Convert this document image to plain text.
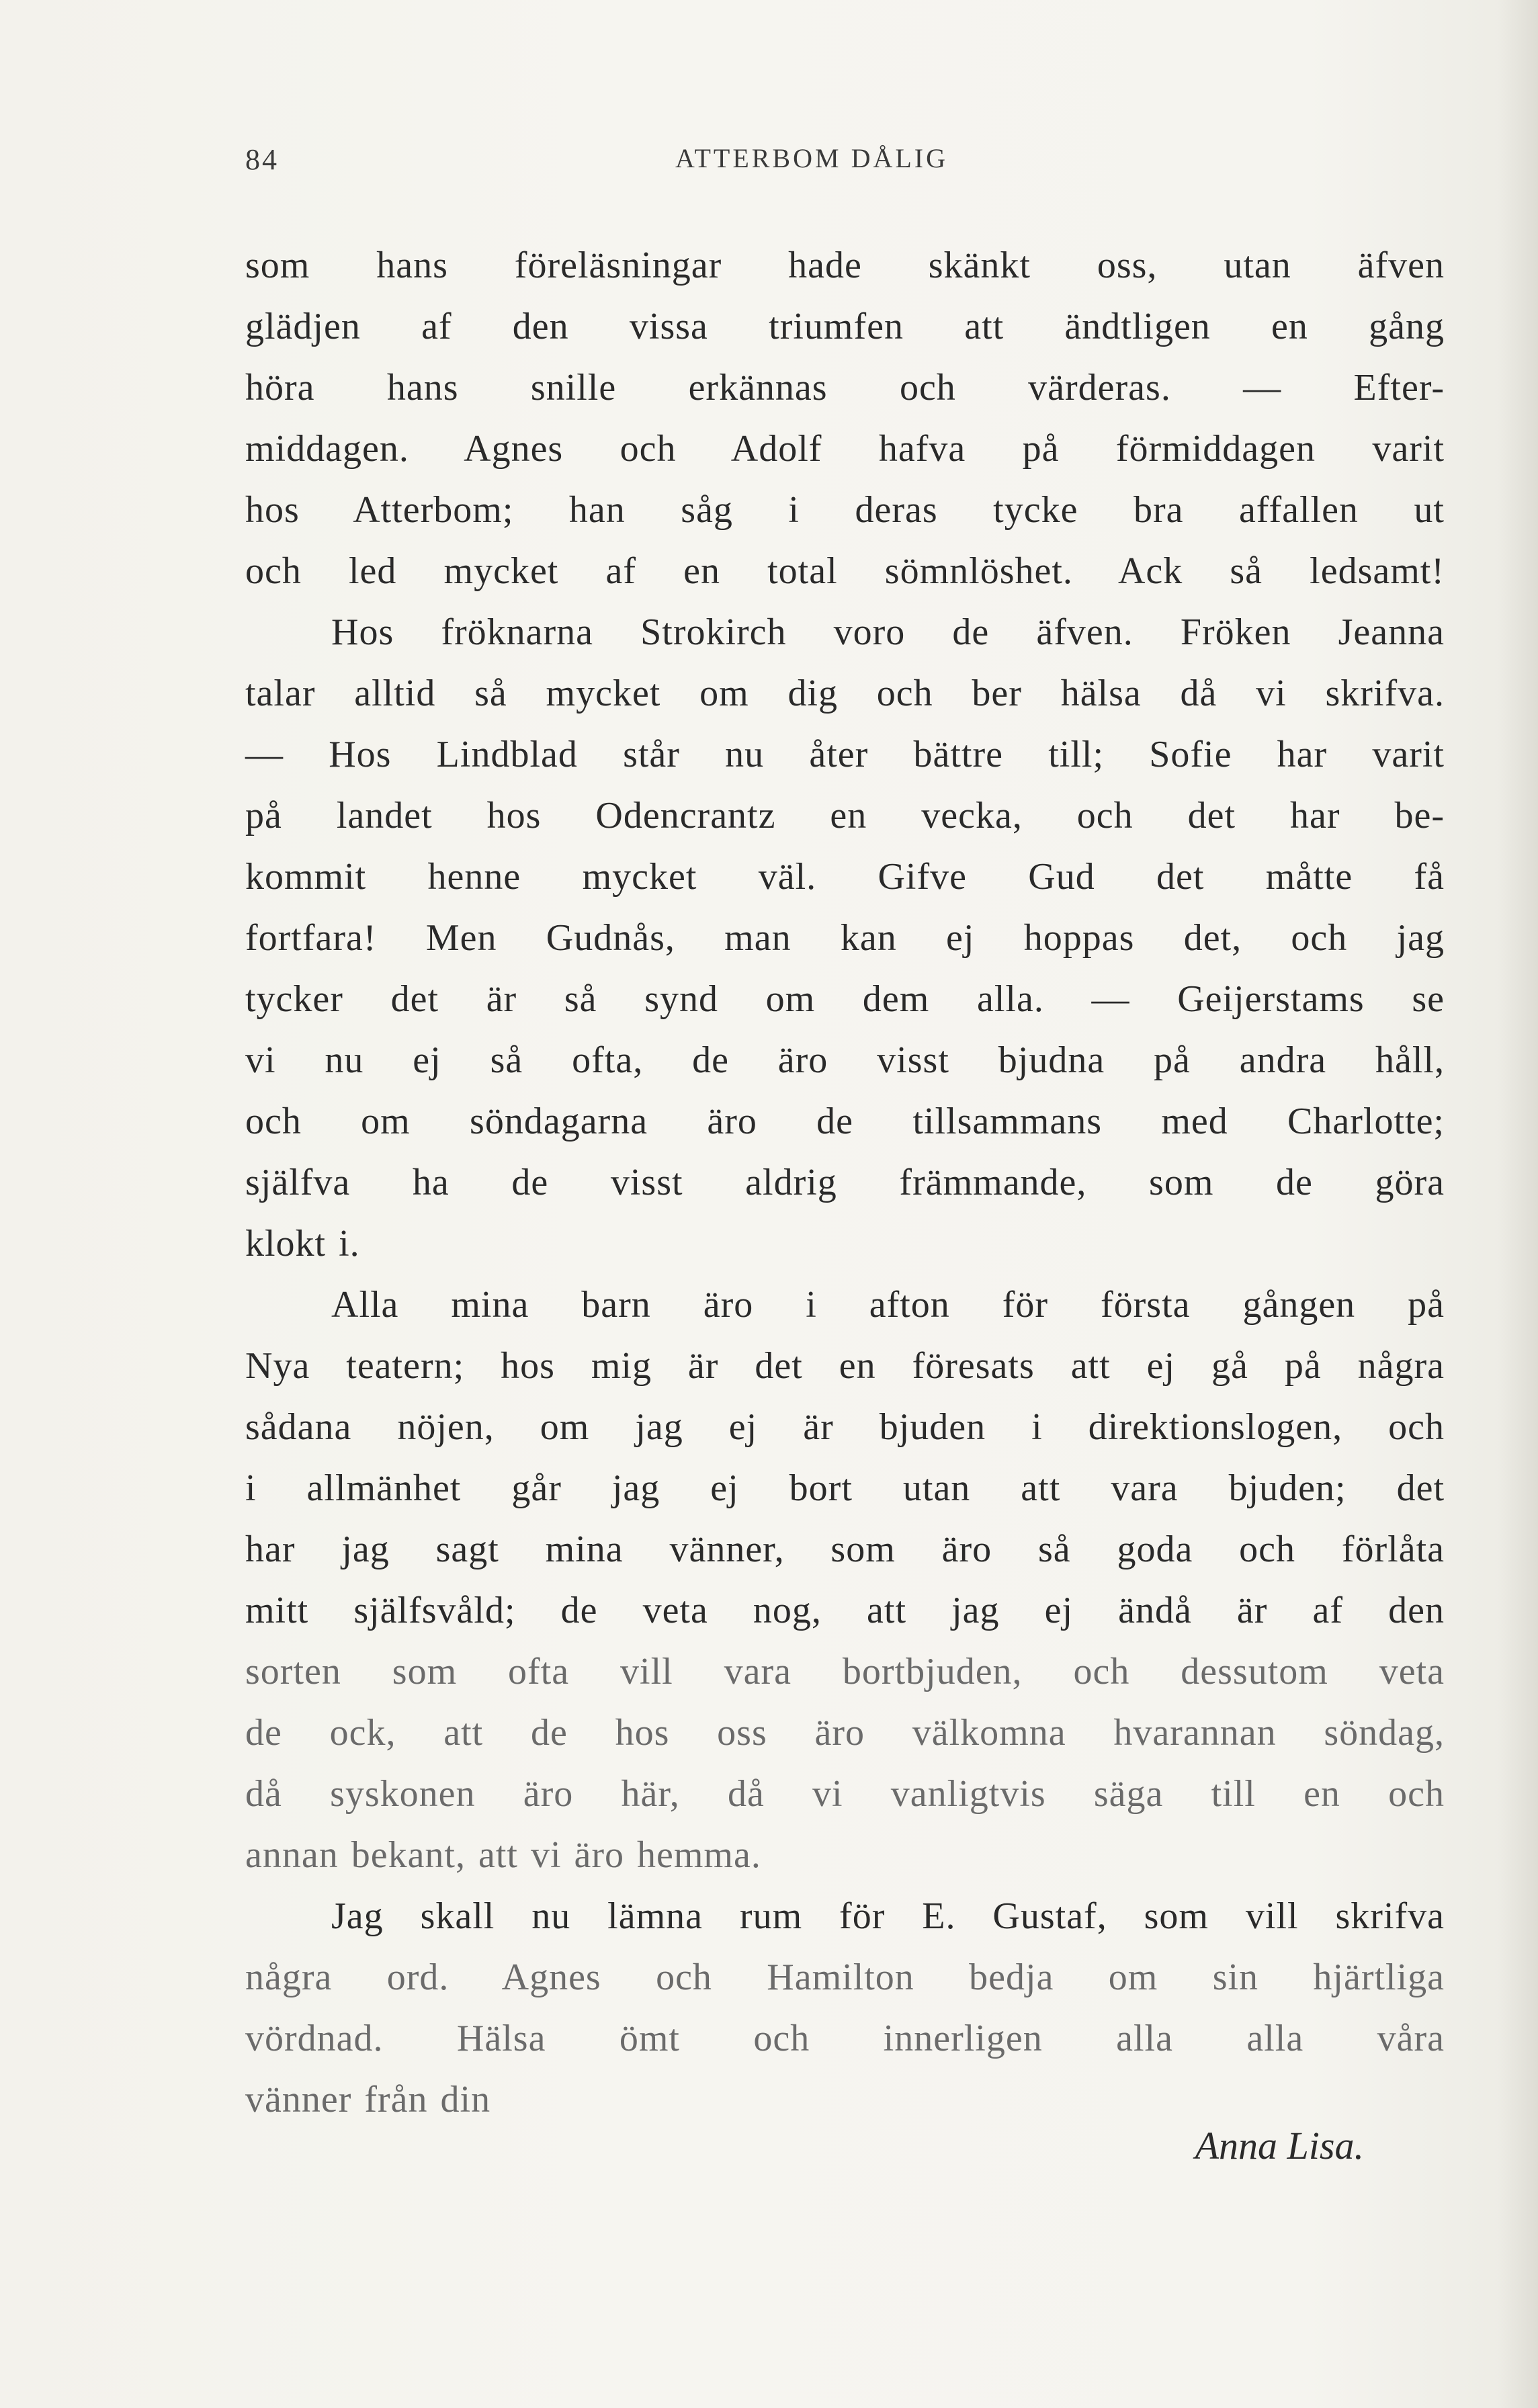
84	ATTERBOM DÅLIG
som hans föreläsningar hade skänkt oss, utan äfven
glädjen af den vissa triumfen att ändtligen en gång
höra hans snille erkännas och värderas. — Efter-
middagen. Agnes och Adolf hafva på förmiddagen varit
hos Atterbom; han såg i deras tycke bra affallen ut
och led mycket af en total sömnlöshet. Ack så ledsamt!
Hos fröknarna Strokirch voro de äfven. Fröken Jeanna
talar alltid så mycket om dig och ber hälsa då vi skrifva.
— Hos Lindblad står nu åter bättre till; Sofie har varit
på landet hos Odencrantz en vecka, och det har be-
kommit henne mycket väl. Gifve Gud det måtte få
fortfara! Men Gudnås, man kan ej hoppas det, och jag
tycker det är så synd om dem alla. — Geijerstams se
vi nu ej så ofta, de äro visst bjudna på andra håll,
och om söndagarna äro de tillsammans med Charlotte;
själfva ha de visst aldrig främmande, som de göra
klokt i.
Alla mina barn äro i afton för första gången på
Nya teatern; hos mig är det en föresats att ej gå på några
sådana nöjen, om jag ej är bjuden i direktionslogen, och
i allmänhet går jag ej bort utan att vara bjuden; det
har jag sagt mina vänner, som äro så goda och förlåta
mitt själfsvåld; de veta nog, att jag ej ändå är af den
sorten som ofta vill vara bortbjuden, och dessutom veta
de ock, att de hos oss äro välkomna hvarannan söndag,
då syskonen äro här, då vi vanligtvis säga till en och
annan bekant, att vi äro hemma.
Jag skall nu lämna rum för E. Gustaf, som vill skrifva
några ord. Agnes och Hamilton bedja om sin hjärtliga
vördnad. Hälsa ömt och innerligen alla alla våra
vänner från din
Anna Lisa.
